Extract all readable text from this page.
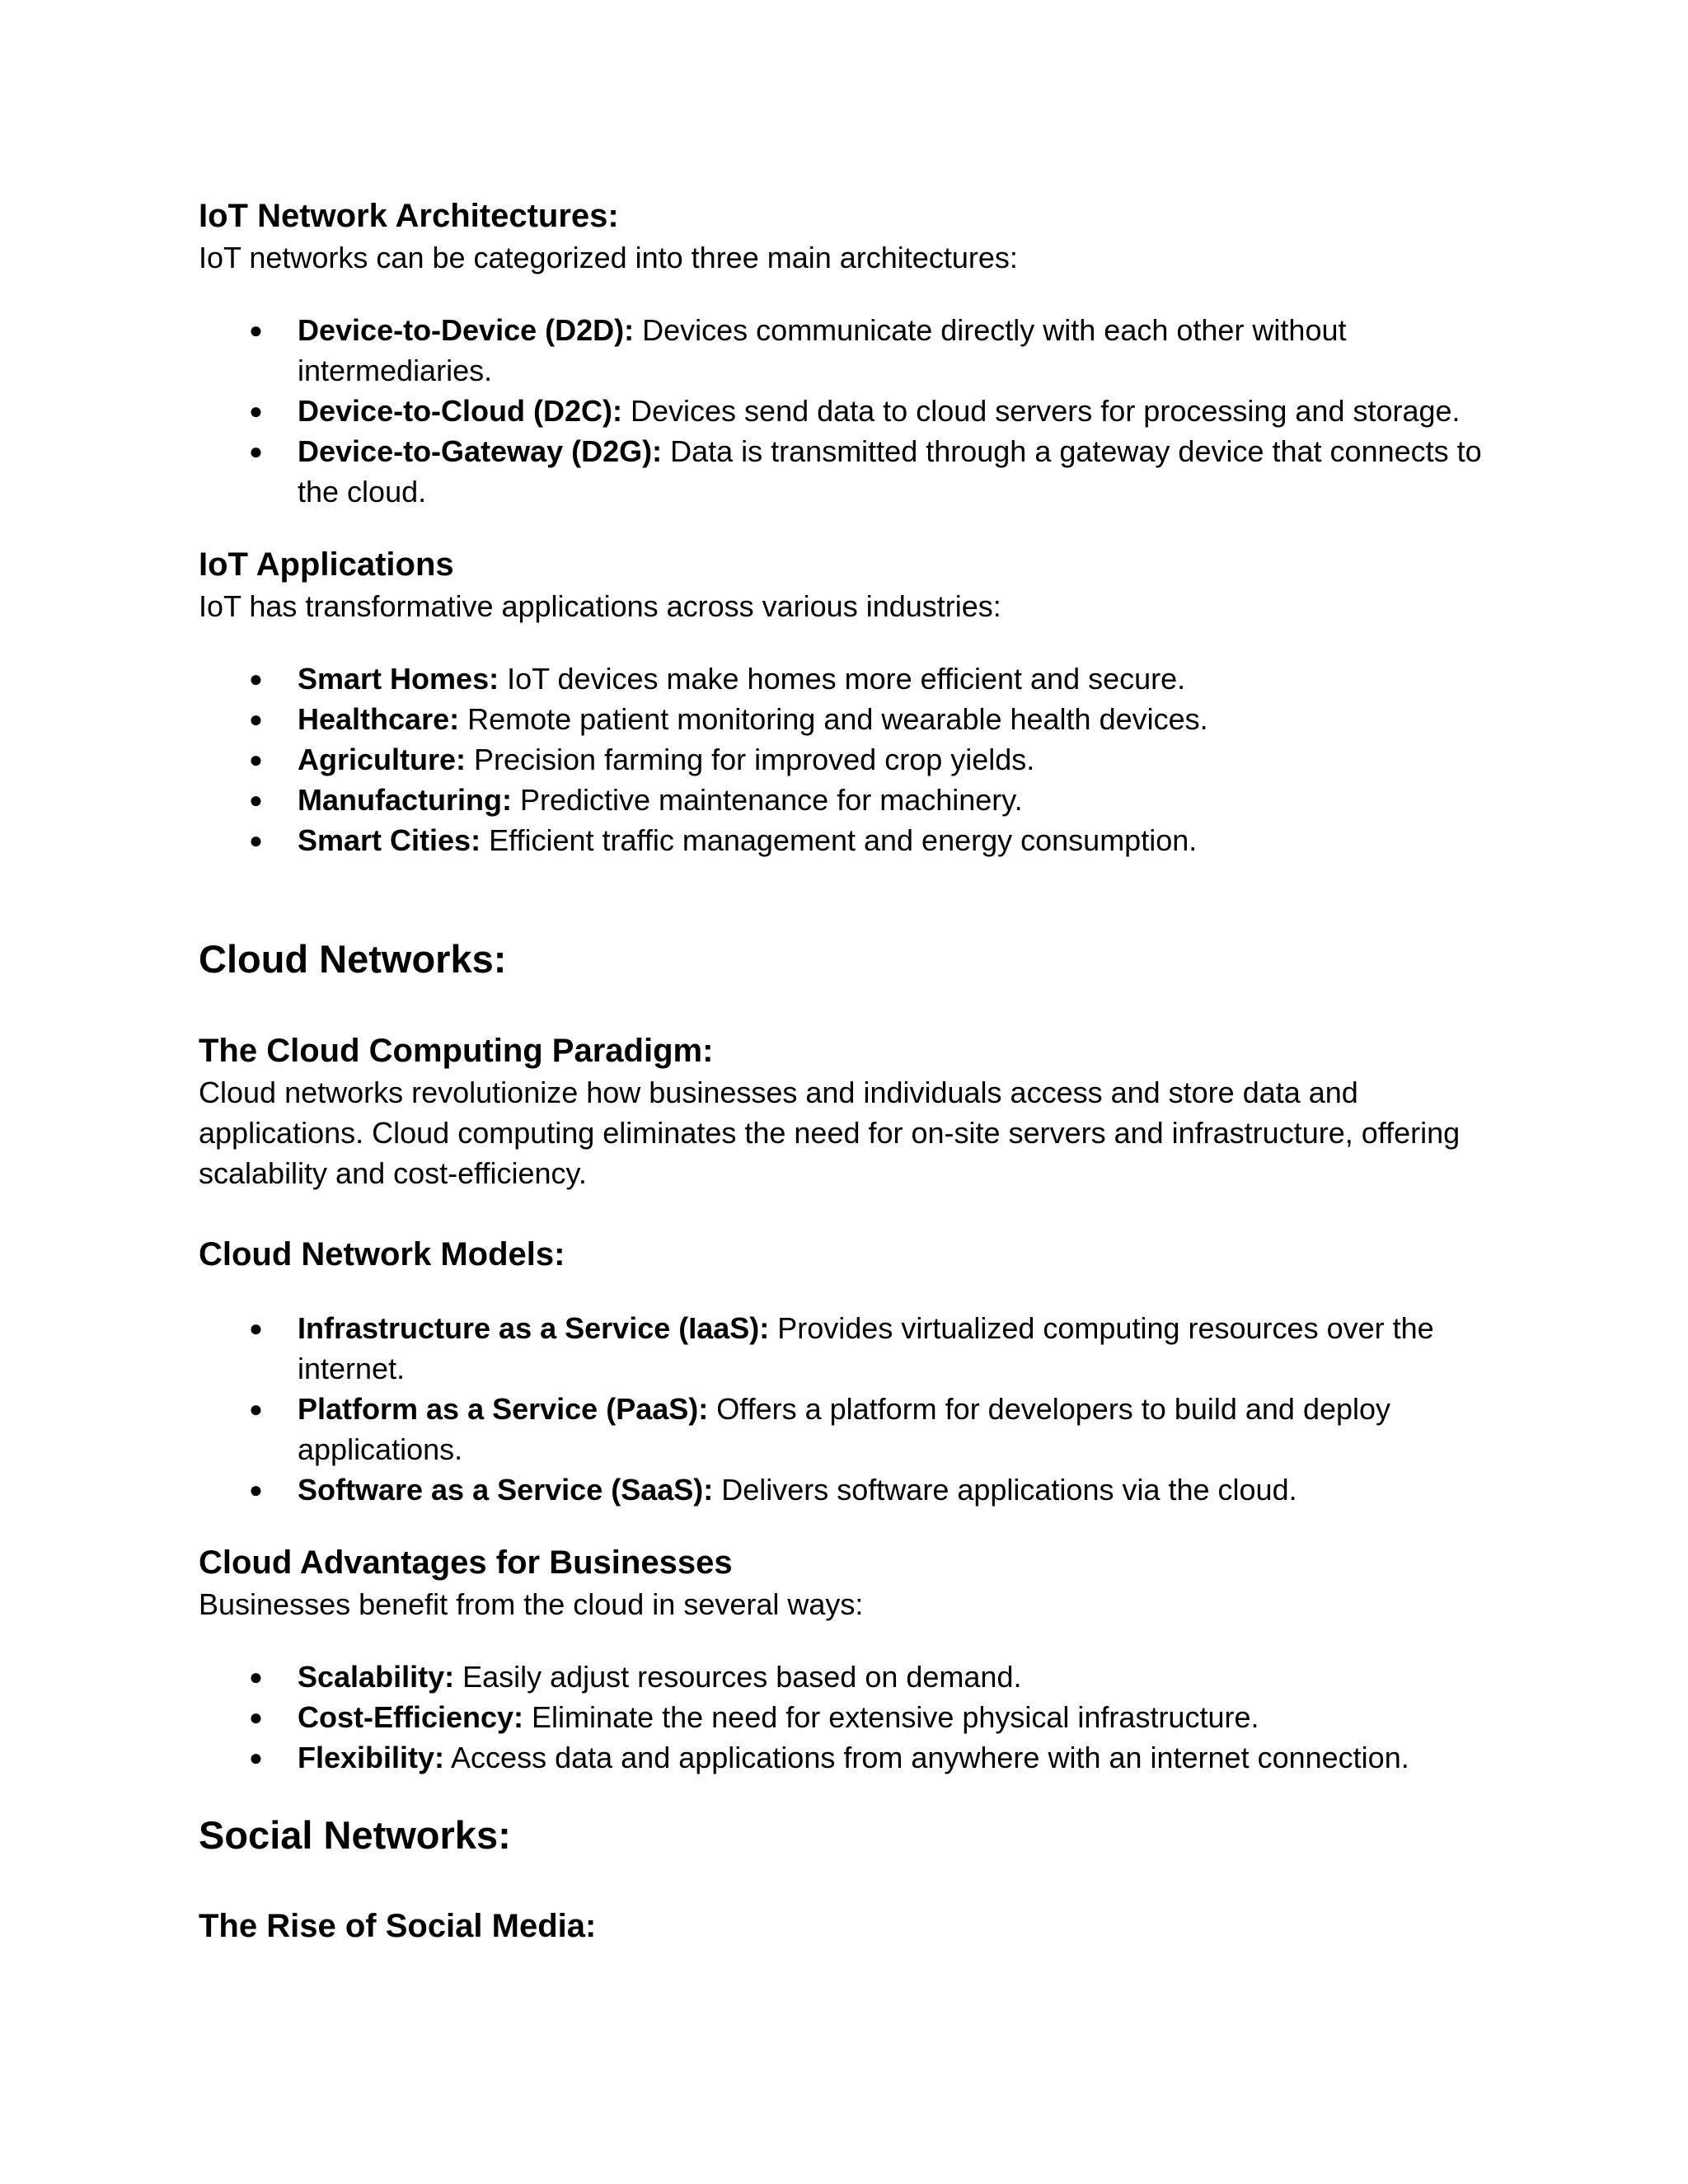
IoT Network Architectures:

IoT networks can be categorized into three main architectures:

● Device-to-Device (D2D): Devices communicate directly with each other without intermediaries.
● Device-to-Cloud (D2C): Devices send data to cloud servers for processing and storage.
● Device-to-Gateway (D2G): Data is transmitted through a gateway device that connects to the cloud.
IoT Applications

IoT has transformative applications across various industries:

● Smart Homes: IoT devices make homes more efficient and secure.
● Healthcare: Remote patient monitoring and wearable health devices.
● Agriculture: Precision farming for improved crop yields.
● Manufacturing: Predictive maintenance for machinery.
● Smart Cities: Efficient traffic management and energy consumption.
Cloud Networks:
The Cloud Computing Paradigm:

Cloud networks revolutionize how businesses and individuals access and store data and applications. Cloud computing eliminates the need for on-site servers and infrastructure, offering scalability and cost-efficiency.

Cloud Network Models:
● Infrastructure as a Service (IaaS): Provides virtualized computing resources over the internet.
● Platform as a Service (PaaS): Offers a platform for developers to build and deploy applications.
● Software as a Service (SaaS): Delivers software applications via the cloud.
Cloud Advantages for Businesses

Businesses benefit from the cloud in several ways:

● Scalability: Easily adjust resources based on demand.
● Cost-Efficiency: Eliminate the need for extensive physical infrastructure.
● Flexibility: Access data and applications from anywhere with an internet connection.
Social Networks:
The Rise of Social Media:
